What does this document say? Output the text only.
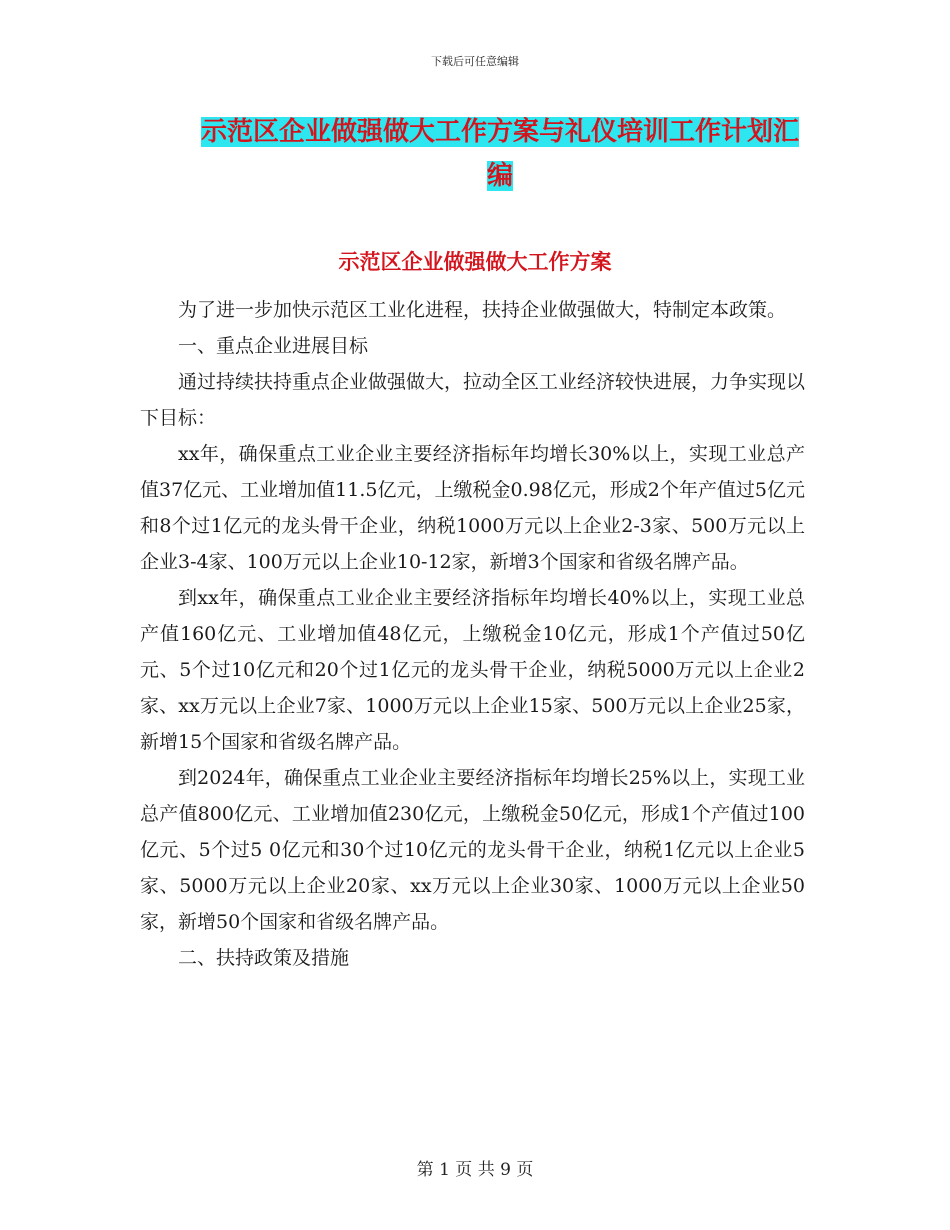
下载后可任意编辑
示范区企业做强做大工作方案与礼仪培训工作计划汇编
示范区企业做强做大工作方案

为了进一步加快示范区工业化进程，扶持企业做强做大，特制定本政策。

一、重点企业进展目标

通过持续扶持重点企业做强做大，拉动全区工业经济较快进展，力争实现以下目标：

xx年，确保重点工业企业主要经济指标年均增长30%以上，实现工业总产值37亿元、工业增加值11.5亿元，上缴税金0.98亿元，形成2个年产值过5亿元和8个过1亿元的龙头骨干企业，纳税1000万元以上企业2-3家、500万元以上企业3-4家、100万元以上企业10-12家，新增3个国家和省级名牌产品。

到xx年，确保重点工业企业主要经济指标年均增长40%以上，实现工业总产值160亿元、工业增加值48亿元，上缴税金10亿元，形成1个产值过50亿元、5个过10亿元和20个过1亿元的龙头骨干企业，纳税5000万元以上企业2家、xx万元以上企业7家、1000万元以上企业15家、500万元以上企业25家，新增15个国家和省级名牌产品。

到2024年，确保重点工业企业主要经济指标年均增长25%以上，实现工业总产值800亿元、工业增加值230亿元，上缴税金50亿元，形成1个产值过100亿元、5个过5 0亿元和30个过10亿元的龙头骨干企业，纳税1亿元以上企业5家、5000万元以上企业20家、xx万元以上企业30家、1000万元以上企业50家，新增50个国家和省级名牌产品。

二、扶持政策及措施

第 1 页 共 9 页
